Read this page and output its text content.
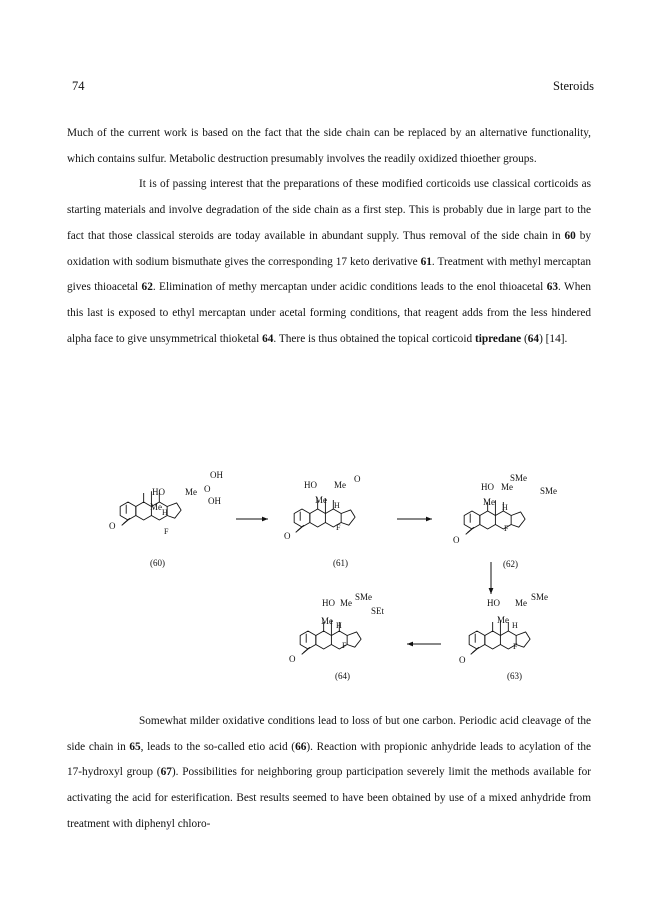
74	Steroids

Much of the current work is based on the fact that the side chain can be replaced by an alternative functionality, which contains sulfur. Metabolic destruction presumably involves the readily oxidized thioether groups.

It is of passing interest that the preparations of these modified corticoids use classical corticoids as starting materials and involve degradation of the side chain as a first step. This is probably due in large part to the fact that those classical steroids are today available in abundant supply. Thus removal of the side chain in 60 by oxidation with sodium bismuthate gives the corresponding 17 keto derivative 61. Treatment with methyl mercaptan gives thioacetal 62. Elimination of methy mercaptan under acidic conditions leads to the enol thioacetal 63. When this last is exposed to ethyl mercaptan under acetal forming conditions, that reagent adds from the less hindered alpha face to give unsymmetrical thioketal 64. There is thus obtained the topical corticoid tipredane (64) [14].

O
HO Me
Me
H
F
OH
O
OH
(60)
O
HO Me
Me
H
F
O
(61)
O
HO Me
Me
H
F
SMe
SMe
(62)
O
HO Me
Me
H
F
SMe
(63)
O
HO Me
Me H
F
SMe
SEt
(64)

Somewhat milder oxidative conditions lead to loss of but one carbon. Periodic acid cleavage of the side chain in 65, leads to the so-called etio acid (66). Reaction with propionic anhydride leads to acylation of the 17-hydroxyl group (67). Possibilities for neighboring group participation severely limit the methods available for activating the acid for esterification. Best results seemed to have been obtained by use of a mixed anhydride from treatment with diphenyl chloro-
